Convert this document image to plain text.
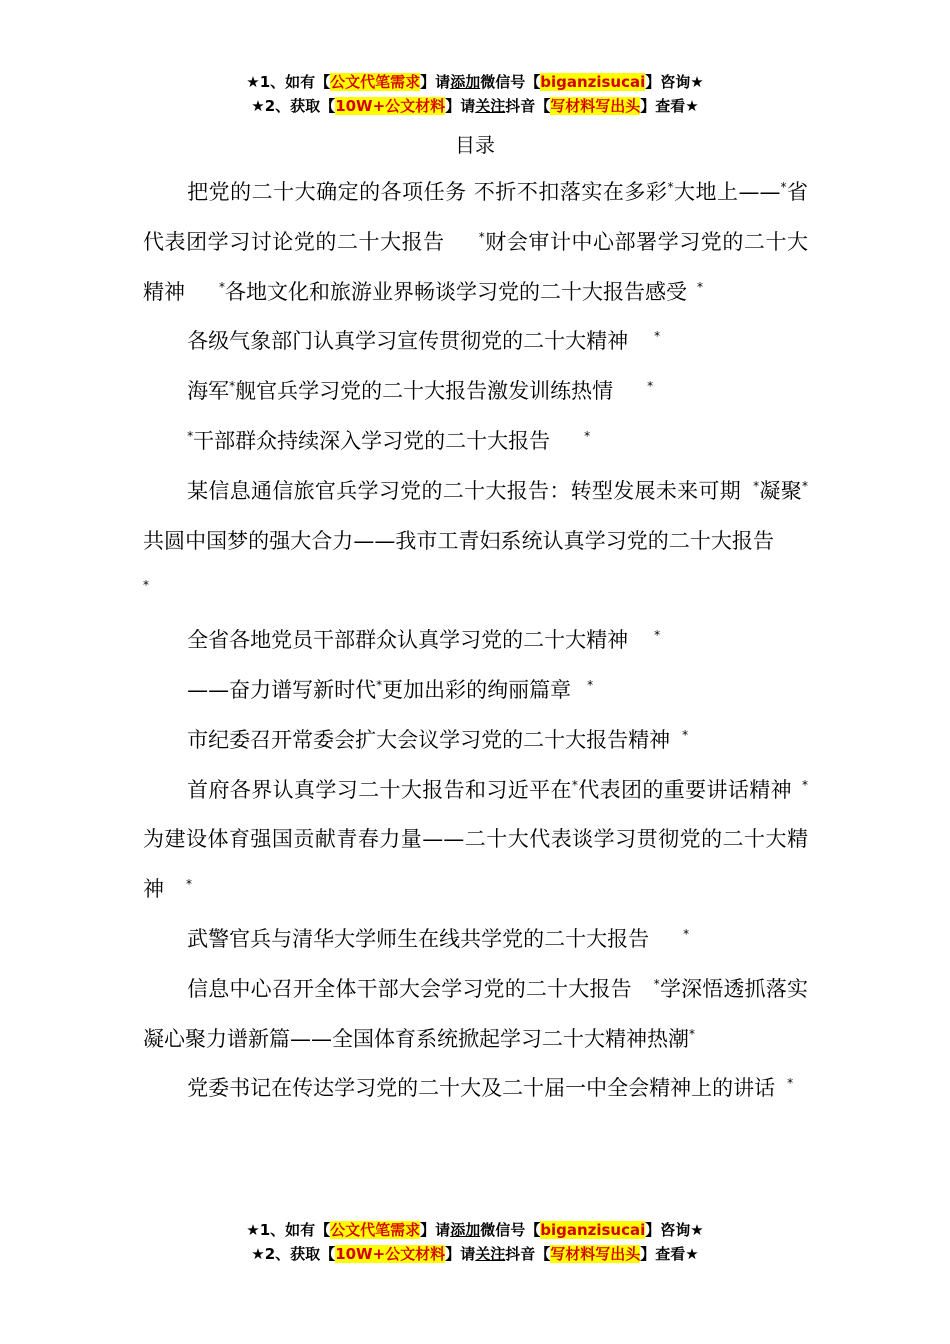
★1、如有【公文代笔需求】请添加微信号【biganzisucai】咨询★
★2、获取【10W+公文材料】请关注抖音【写材料写出头】查看★
目录

把党的二十大确定的各项任务 不折不扣落实在多彩*大地上——*省代表团学习讨论党的二十大报告	*财会审计中心部署学习党的二十大精神	*各地文化和旅游业界畅谈学习党的二十大报告感受 *

各级气象部门认真学习宣传贯彻党的二十大精神 *

海军*舰官兵学习党的二十大报告激发训练热情	*

*干部群众持续深入学习党的二十大报告	*

某信息通信旅官兵学习党的二十大报告：转型发展未来可期 *凝聚*共圆中国梦的强大合力——我市工青妇系统认真学习党的二十大报告*

全省各地党员干部群众认真学习党的二十大精神 *

——奋力谱写新时代*更加出彩的绚丽篇章 *

市纪委召开常委会扩大会议学习党的二十大报告精神 *

首府各界认真学习二十大报告和习近平在*代表团的重要讲话精神 *为建设体育强国贡献青春力量——二十大代表谈学习贯彻党的二十大精神 *

武警官兵与清华大学师生在线共学党的二十大报告	*

信息中心召开全体干部大会学习党的二十大报告 *学深悟透抓落实 凝心聚力谱新篇——全国体育系统掀起学习二十大精神热潮*

党委书记在传达学习党的二十大及二十届一中全会精神上的讲话 *

★1、如有【公文代笔需求】请添加微信号【biganzisucai】咨询★
★2、获取【10W+公文材料】请关注抖音【写材料写出头】查看★
